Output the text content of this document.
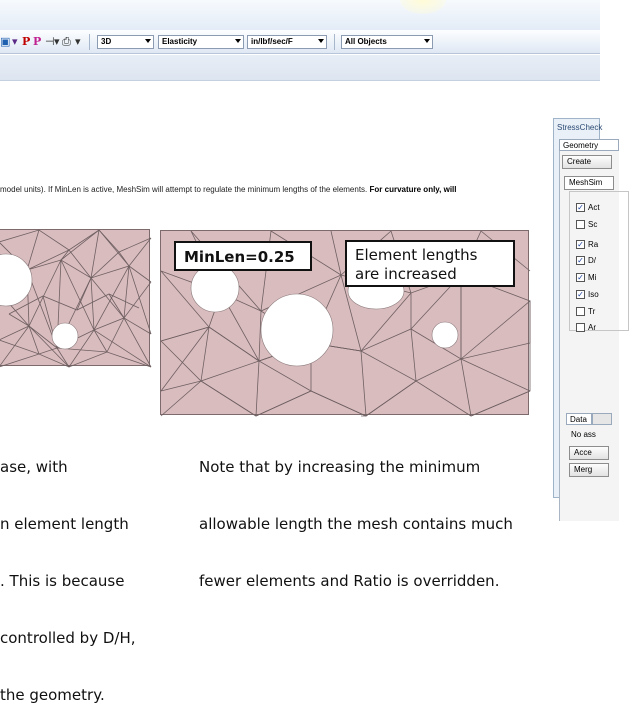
▣ ▾ P P ⊣ ▾ ⎙ ▾	3D	Elasticity	in/lbf/sec/F	All Objects
model units). If MinLen is active, MeshSim will attempt to regulate the minimum lengths of the elements. For curvature only, will
MinLen=0.25	Element lengths
are increased

ase, with

n element length

. This is because

controlled by D/H,

the geometry.

Note that by increasing the minimum

allowable length the mesh contains much

fewer elements and Ratio is overridden.

StressCheck
Geometry
Create
MeshSim
✓ Act
Sc
✓ Ra
✓ D/
✓ Mi
✓ Iso
Tr
Ar
Data
No ass
Acce
Merg
